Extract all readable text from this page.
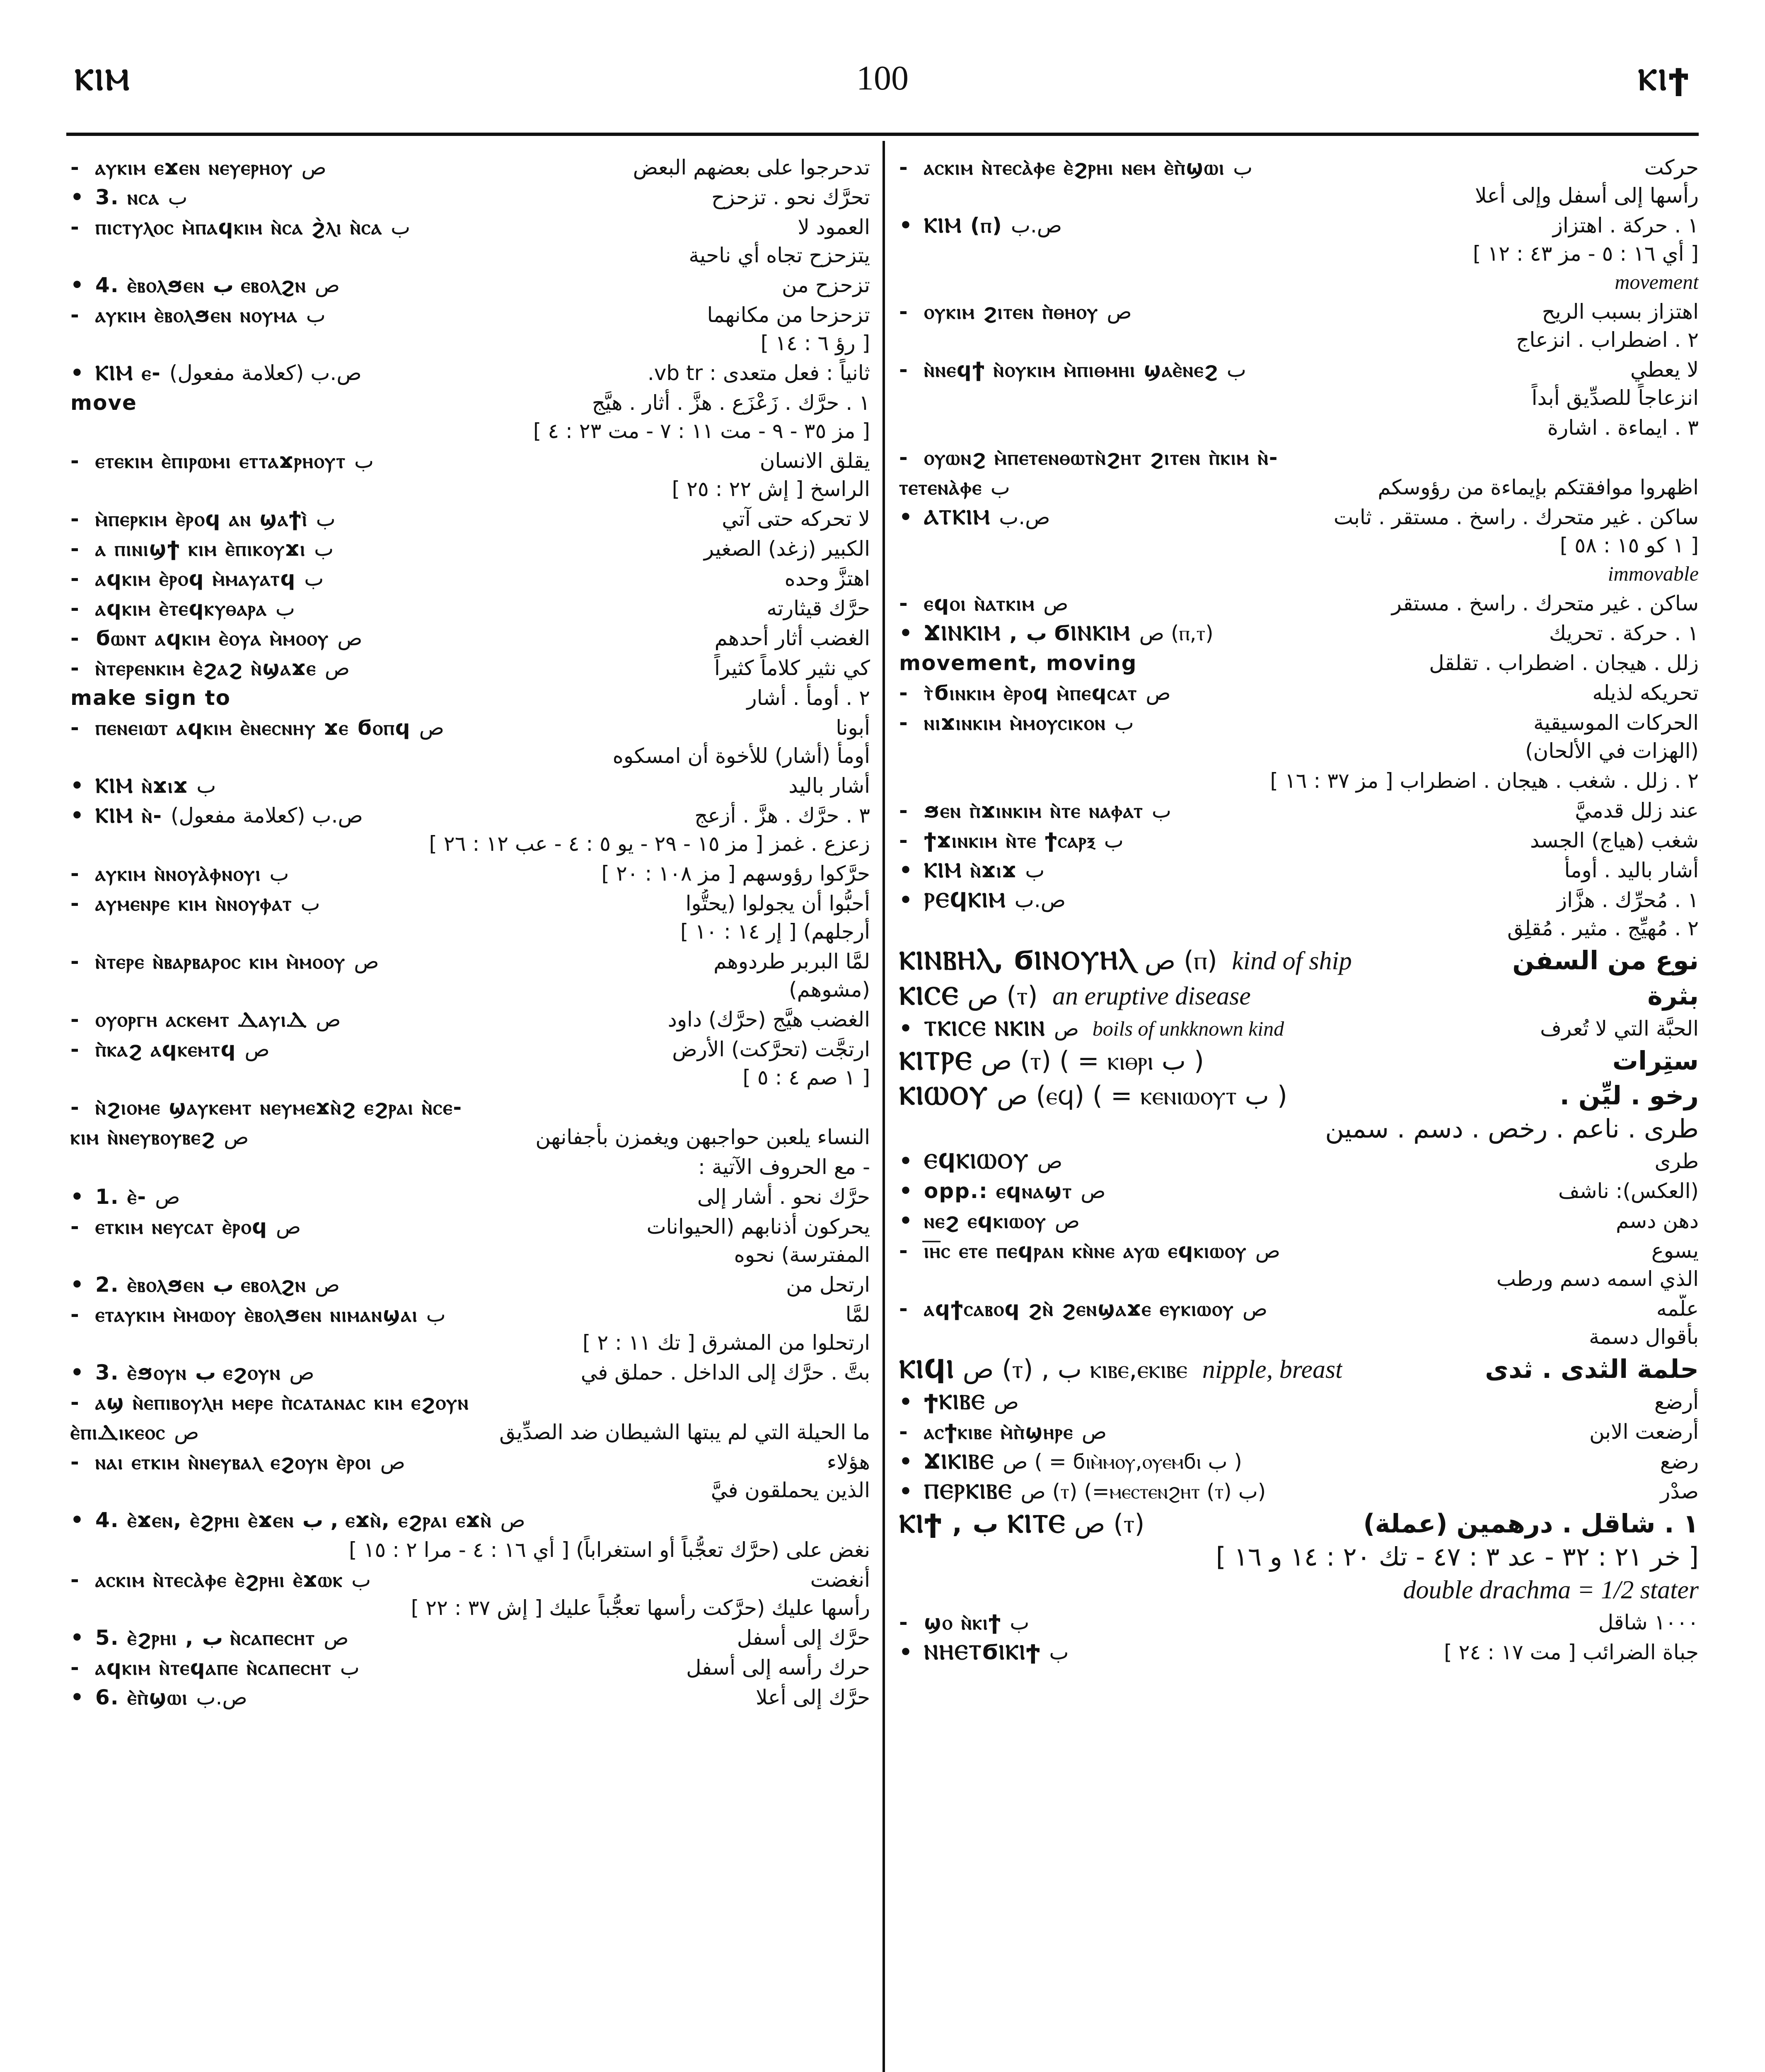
ⲔⲒⲘ	100	ⲔⲒϮ
- ⲁⲩⲕⲓⲙ ⲉϫⲉⲛ ⲛⲉⲩⲉⲣⲏⲟⲩ ص	تدحرجوا على بعضهم البعض
• 3. ⲛⲥⲁ ب	تحرَّك نحو . تزحزح
- ⲡⲓⲥⲧⲩⲗⲟⲥ ⲙ̀ⲡⲁϥⲕⲓⲙ ⲛ̀ⲥⲁ ϩ̀ⲗⲓ ⲛ̀ⲥⲁ ب	العمود لا
يتزحزح تجاه أي ناحية
• 4. ⲉ̀ⲃⲟⲗϧⲉⲛ ب ⲉⲃⲟⲗϩⲛ ص	تزحزح من
- ⲁⲩⲕⲓⲙ ⲉ̀ⲃⲟⲗϧⲉⲛ ⲛⲟⲩⲙⲁ ب	تزحزحا من مكانهما
[ رؤ ٦ : ١٤ ]
• ⲔⲒⲘ ⲉ- ص.ب (كعلامة مفعول)	ثانياً : فعل متعدى : vb tr.
move	١ . حرَّك . زَعْزَع . هزَّ . أثار . هيَّج
[ مز ٣٥ - ٩ - مت ١١ : ٧ - مت ٢٣ : ٤ ]
- ⲉⲧⲉⲕⲓⲙ ⲉ̀ⲡⲓⲣⲱⲙⲓ ⲉⲧⲧⲁϫⲣⲏⲟⲩⲧ ب	يقلق الانسان
الراسخ [ إش ٢٢ : ٢٥ ]
- ⲙ̀ⲡⲉⲣⲕⲓⲙ ⲉ̀ⲣⲟϥ ⲁⲛ ϣⲁϯⲓ̀ ب	لا تحركه حتى آتي
- ⲁ ⲡⲓⲛⲓϣϯ ⲕⲓⲙ ⲉ̀ⲡⲓⲕⲟⲩϫⲓ ب	الكبير (زغد) الصغير
- ⲁϥⲕⲓⲙ ⲉ̀ⲣⲟϥ ⲙ̀ⲙⲁⲩⲁⲧϥ ب	اهتزَّ وحده
- ⲁϥⲕⲓⲙ ⲉ̀ⲧⲉϥⲕⲩⲑⲁⲣⲁ ب	حرَّك قيثارته
- ϭⲱⲛⲧ ⲁϥⲕⲓⲙ ⲉ̀ⲟⲩⲁ ⲙ̀ⲙⲟⲟⲩ ص	الغضب أثار أحدهم
- ⲛ̀ⲧⲉⲣⲉⲛⲕⲓⲙ ⲉ̀ϩⲁϩ ⲛ̀ϣⲁϫⲉ ص	كي نثير كلاماً كثيراً
make sign to	٢ . أومأ . أشار
- ⲡⲉⲛⲉⲓⲱⲧ ⲁϥⲕⲓⲙ ⲉ̀ⲛⲉⲥⲛⲏⲩ ϫⲉ ϭⲟⲡϥ ص	أبونا
أومأ (أشار) للأخوة أن امسكوه
• ⲔⲒⲘ ⲛ̀ϫⲓϫ ب	أشار باليد
• ⲔⲒⲘ ⲛ̀- ص.ب (كعلامة مفعول)	٣ . حرَّك . هزَّ . أزعج
زعزع . غمز [ مز ١٥ - ٢٩ - يو ٥ : ٤ - عب ١٢ : ٢٦ ]
- ⲁⲩⲕⲓⲙ ⲛ̀ⲛⲟⲩⲁ̀ⲫⲛⲟⲩⲓ ب	حرَّكوا رؤوسهم [ مز ١٠٨ : ٢٠ ]
- ⲁⲩⲙⲉⲛⲣⲉ ⲕⲓⲙ ⲛ̀ⲛⲟⲩⲫⲁⲧ ب	أحبُّوا أن يجولوا (يحتُّوا
أرجلهم) [ إر ١٤ : ١٠ ]
- ⲛ̀ⲧⲉⲣⲉ ⲛ̀ⲃⲁⲣⲃⲁⲣⲟⲥ ⲕⲓⲙ ⲙ̀ⲙⲟⲟⲩ ص	لمَّا البربر طردوهم
(مشوهم)
- ⲟⲩⲟⲣⲅⲏ ⲁⲥⲕⲉⲙⲧ ⲆⲁⲩⲓⲆ ص	الغضب هيَّج (حرَّك) داود
- ⲡ̀ⲕⲁϩ ⲁϥⲕⲉⲙⲧϥ ص	ارتجَّت (تحرَّكت) الأرض
[ ١ صم ٤ : ٥ ]
- ⲛ̀ϩⲓⲟⲙⲉ ϣⲁⲩⲕⲉⲙⲧ ⲛⲉⲩⲙⲉϫⲛ̀ϩ ⲉϩⲣⲁⲓ ⲛ̀ⲥⲉ-
ⲕⲓⲙ ⲛ̀ⲛⲉⲩⲃⲟⲩⲃⲉϩ ص	النساء يلعبن حواجبهن ويغمزن بأجفانهن
- مع الحروف الآتية :
• 1. ⲉ̀- ص	حرَّك نحو . أشار إلى
- ⲉⲧⲕⲓⲙ ⲛⲉⲩⲥⲁⲧ ⲉ̀ⲣⲟϥ ص	يحركون أذنابهم (الحيوانات
المفترسة) نحوه
• 2. ⲉ̀ⲃⲟⲗϧⲉⲛ ب ⲉⲃⲟⲗϩⲛ ص	ارتحل من
- ⲉⲧⲁⲩⲕⲓⲙ ⲙ̀ⲙⲱⲟⲩ ⲉ̀ⲃⲟⲗϧⲉⲛ ⲛⲓⲙⲁⲛϣⲁⲓ ب	لمَّا
ارتحلوا من المشرق [ تك ١١ : ٢ ]
• 3. ⲉ̀ϧⲟⲩⲛ ب ⲉϩⲟⲩⲛ ص	بتَّ . حرَّك إلى الداخل . حملق في
- ⲁϣ ⲛ̀ⲉⲡⲓⲃⲟⲩⲗⲏ ⲙⲉⲣⲉ ⲡ̀ⲥⲁⲧⲁⲛⲁⲥ ⲕⲓⲙ ⲉϩⲟⲩⲛ
ⲉ̀ⲡⲓⲆⲓⲕⲉⲟⲥ ص	ما الحيلة التي لم يبتها الشيطان ضد الصدِّيق
- ⲛⲁⲓ ⲉⲧⲕⲓⲙ ⲛ̀ⲛⲉⲩⲃⲁⲗ ⲉϩⲟⲩⲛ ⲉ̀ⲣⲟⲓ ص	هؤلاء
الذين يحملقون فيَّ
• 4. ⲉ̀ϫⲉⲛ, ⲉ̀ϩⲣⲏⲓ ⲉ̀ϫⲉⲛ ب , ⲉϫⲛ̀, ⲉϩⲣⲁⲓ ⲉϫⲛ̀ ص
نغض على (حرَّك تعجُّباً أو استغراباً) [ أي ١٦ : ٤ - مرا ٢ : ١٥ ]
- ⲁⲥⲕⲓⲙ ⲛ̀ⲧⲉⲥⲁ̀ⲫⲉ ⲉ̀ϩⲣⲏⲓ ⲉ̀ϫⲱⲕ ب	أنغضت
رأسها عليك (حرَّكت رأسها تعجُّباً عليك [ إش ٣٧ : ٢٢ ]
• 5. ⲉ̀ϩⲣⲏⲓ , ب ⲛ̀ⲥⲁⲡⲉⲥⲏⲧ ص	حرَّك إلى أسفل
- ⲁϥⲕⲓⲙ ⲛ̀ⲧⲉϥⲁⲡⲉ ⲛ̀ⲥⲁⲡⲉⲥⲏⲧ ب	حرك رأسه إلى أسفل
• 6. ⲉ̀ⲡ̀ϣⲱⲓ ص.ب	حرَّك إلى أعلا
- ⲁⲥⲕⲓⲙ ⲛ̀ⲧⲉⲥⲁ̀ⲫⲉ ⲉ̀ϩⲣⲏⲓ ⲛⲉⲙ ⲉ̀ⲡ̀ϣⲱⲓ ب	حركت
رأسها إلى أسفل وإلى أعلا
• ⲔⲒⲘ (ⲡ) ص.ب	١ . حركة . اهتزاز
[ أي ١٦ : ٥ - مز ٤٣ : ١٢ ]
movement
- ⲟⲩⲕⲓⲙ ϩⲓⲧⲉⲛ ⲡ̀ⲑⲏⲟⲩ ص	اهتزاز بسبب الريح
٢ . اضطراب . انزعاج
- ⲛ̀ⲛⲉϥϯ ⲛ̀ⲟⲩⲕⲓⲙ ⲙ̀ⲡⲓⲑⲙⲏⲓ ϣⲁⲉ̀ⲛⲉϩ ب	لا يعطي
انزعاجاً للصدِّيق أبداً
٣ . ايماءة . اشارة
- ⲟⲩⲱⲛϩ ⲙ̀ⲡⲉⲧⲉⲛⲑⲱⲧⲛ̀ϩⲏⲧ ϩⲓⲧⲉⲛ ⲡ̀ⲕⲓⲙ ⲛ̀-
ⲧⲉⲧⲉⲛⲁ̀ⲫⲉ ب	اظهروا موافقتكم بإيماءة من رؤوسكم
• ⲀⲦⲔⲒⲘ ص.ب	ساكن . غير متحرك . راسخ . مستقر . ثابت
[ ١ كو ١٥ : ٥٨ ]
immovable
- ⲉϥⲟⲓ ⲛ̀ⲁⲧⲕⲓⲙ ص	ساكن . غير متحرك . راسخ . مستقر
• ϪⲒⲚⲔⲒⲘ , ب ϬⲒⲚⲔⲒⲘ ص (ⲡ,ⲧ)	١ . حركة . تحريك
movement, moving	زلل . هيجان . اضطراب . تقلقل
- ⲧ̀ϭⲓⲛⲕⲓⲙ ⲉ̀ⲣⲟϥ ⲙ̀ⲡⲉϥⲥⲁⲧ ص	تحريكه لذيله
- ⲛⲓϫⲓⲛⲕⲓⲙ ⲙ̀ⲙⲟⲩⲥⲓⲕⲟⲛ ب	الحركات الموسيقية
(الهزات في الألحان)
٢ . زلل . شغب . هيجان . اضطراب [ مز ٣٧ : ١٦ ]
- ϧⲉⲛ ⲡ̀ϫⲓⲛⲕⲓⲙ ⲛ̀ⲧⲉ ⲛⲁⲫⲁⲧ ب	عند زلل قدميَّ
- ϯϫⲓⲛⲕⲓⲙ ⲛ̀ⲧⲉ ϯⲥⲁⲣⲝ ب	شغب (هياج) الجسد
• ⲔⲒⲘ ⲛ̀ϫⲓϫ ب	أشار باليد . أومأ
• ⲢⲈϤⲔⲒⲘ ص.ب	١ . مُحرِّك . هزَّاز
٢ . مُهيِّج . مثير . مُقلِق
ⲔⲒⲚⲂⲎⲖ, ϬⲒⲚⲞⲨⲎⲖ ص (ⲡ) kind of ship	نوع من السفن
ⲔⲒⲤⲈ ص (ⲧ) an eruptive disease	بثرة
• ⲦⲔⲒⲤⲈ ⲚⲔⲒⲚ ص boils of unkknown kind	الحبَّة التي لا تُعرف
ⲔⲒⲦⲢⲈ ص (ⲧ) ( = ⲕⲓⲑⲣⲓ ب )	ستِرات
ⲔⲒⲰⲞⲨ ص (ⲉϥ) ( = ⲕⲉⲛⲓⲱⲟⲩⲧ ب )	رخو . ليِّن .
طرى . ناعم . رخص . دسم . سمين
• ⲈϤⲔⲒⲰⲞⲨ ص	طرى
• opp.: ⲉϥⲛⲁϣⲧ ص	(العكس): ناشف
• ⲛⲉϩ ⲉϥⲕⲓⲱⲟⲩ ص	دهن دسم
- ⲓ̅ⲏ̅ⲥ ⲉⲧⲉ ⲡⲉϥⲣⲁⲛ ⲕⲛ̀ⲛⲉ ⲁⲩⲱ ⲉϥⲕⲓⲱⲟⲩ ص	يسوع
الذي اسمه دسم ورطب
- ⲁϥϯⲥⲁⲃⲟϥ ϩⲛ̀ ϩⲉⲛϣⲁϫⲉ ⲉⲩⲕⲓⲱⲟⲩ ص	علَّمه
بأقوال دسمة
ⲔⲒϤⲒ ص (ⲧ) , ب ⲕⲓⲃⲉ,ⲉⲕⲓⲃⲉ nipple, breast	حلمة الثدى . ثدى
• ϮⲔⲒⲂⲈ ص	أرضع
- ⲁⲥϯⲕⲓⲃⲉ ⲙ̀ⲡ̀ϣⲏⲣⲉ ص	أرضعت الابن
• ϪⲒⲔⲒⲂⲈ ص ( = ϭⲓⲙ̀ⲙⲟⲩ,ⲟⲩⲉⲙϭⲓ ب )	رضع
• ⲠⲈⲢⲔⲒⲂⲈ ص (ⲧ) (=ⲙⲉⲥⲧⲉⲛϩⲏⲧ (ⲧ) ب)	صدْر
ⲔⲒϮ , ب ⲔⲒⲦⲈ ص (ⲧ)	١ . شاقل . درهمين (عملة)
[ خر ٢١ : ٣٢ - عد ٣ : ٤٧ - تك ٢٠ : ١٤ و ١٦ ]
double drachma = 1/2 stater
- ϣⲟ ⲛ̀ⲕⲓϯ ب	١٠٠٠ شاقل
• ⲚⲎⲈⲦϬⲒⲔⲒϮ ب	جباة الضرائب [ مت ١٧ : ٢٤ ]
